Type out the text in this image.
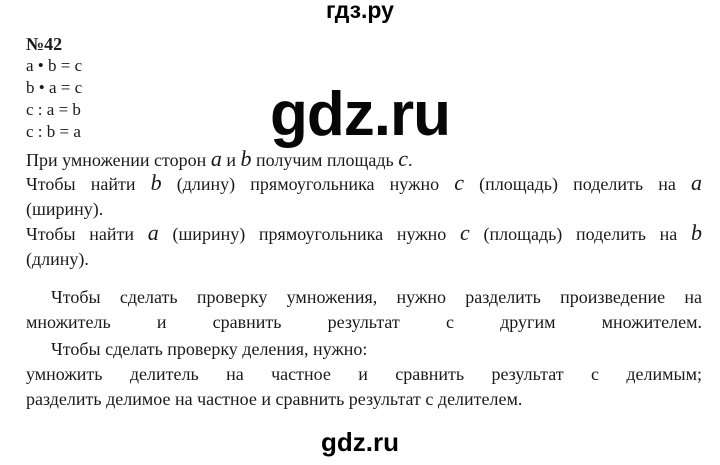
гдз.ру
gdz.ru
№42
a • b = c
b • a = c
c : a = b
c : b = a
При умножении сторон a и b получим площадь c.
Чтобы найти b (длину) прямоугольника нужно c (площадь) поделить на a
(ширину).
Чтобы найти a (ширину) прямоугольника нужно c (площадь) поделить на b
(длину).
Чтобы сделать проверку умножения, нужно разделить произведение на
множитель и сравнить результат с другим множителем.
Чтобы сделать проверку деления, нужно:
умножить делитель на частное и сравнить результат с делимым;
разделить делимое на частное и сравнить результат с делителем.
gdz.ru
